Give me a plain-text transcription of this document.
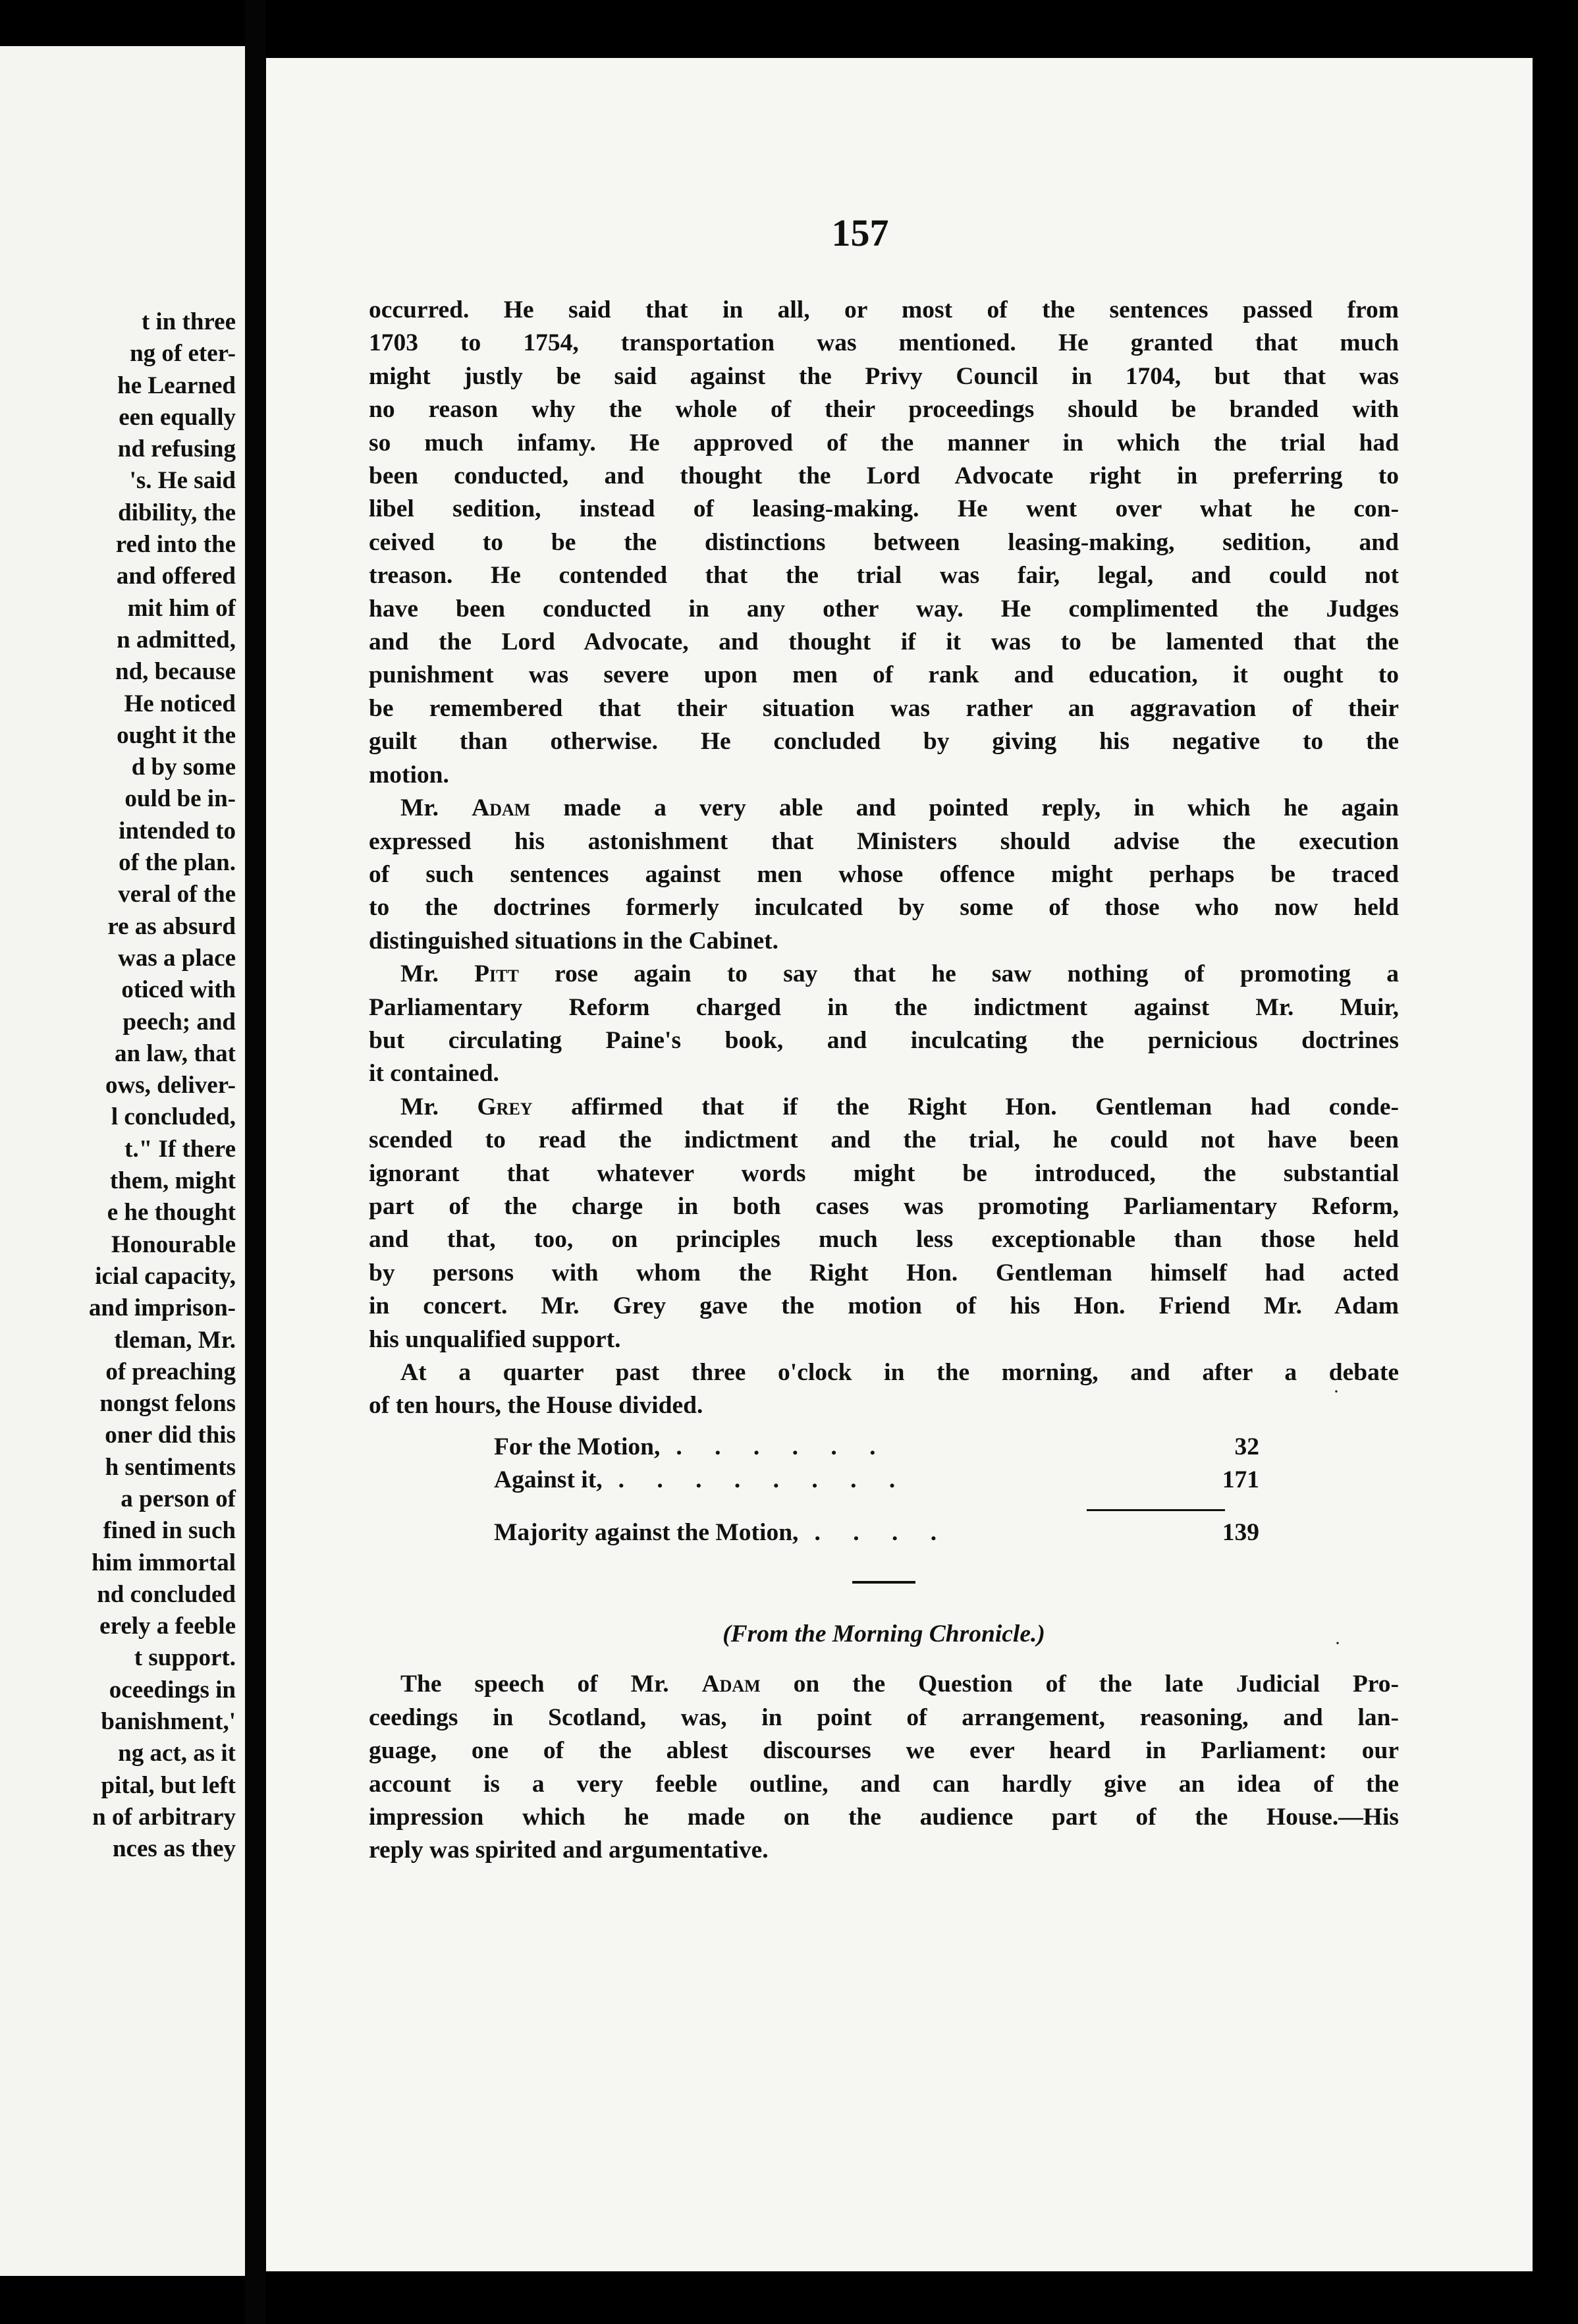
t in three
ng of eter-
he Learned
een equally
nd refusing
's. He said
dibility, the
red into the
and offered
mit him of
n admitted,
nd, because
He noticed
ought it the
d by some
ould be in-
intended to
of the plan.
veral of the
re as absurd
was a place
oticed with
peech; and
an law, that
ows, deliver-
l concluded,
t." If there
them, might
e he thought
Honourable
icial capacity,
and imprison-
tleman, Mr.
of preaching
nongst felons
oner did this
h sentiments
a person of
fined in such
him immortal
nd concluded
erely a feeble
t support.
oceedings in
banishment,'
ng act, as it
pital, but left
n of arbitrary
nces as they
157
occurred. He said that in all, or most of the sentences passed from
1703 to 1754, transportation was mentioned. He granted that much
might justly be said against the Privy Council in 1704, but that was
no reason why the whole of their proceedings should be branded with
so much infamy. He approved of the manner in which the trial had
been conducted, and thought the Lord Advocate right in preferring to
libel sedition, instead of leasing-making. He went over what he con-
ceived to be the distinctions between leasing-making, sedition, and
treason. He contended that the trial was fair, legal, and could not
have been conducted in any other way. He complimented the Judges
and the Lord Advocate, and thought if it was to be lamented that the
punishment was severe upon men of rank and education, it ought to
be remembered that their situation was rather an aggravation of their
guilt than otherwise. He concluded by giving his negative to the
motion.
Mr. Adam made a very able and pointed reply, in which he again
expressed his astonishment that Ministers should advise the execution
of such sentences against men whose offence might perhaps be traced
to the doctrines formerly inculcated by some of those who now held
distinguished situations in the Cabinet.
Mr. Pitt rose again to say that he saw nothing of promoting a
Parliamentary Reform charged in the indictment against Mr. Muir,
but circulating Paine's book, and inculcating the pernicious doctrines
it contained.
Mr. Grey affirmed that if the Right Hon. Gentleman had conde-
scended to read the indictment and the trial, he could not have been
ignorant that whatever words might be introduced, the substantial
part of the charge in both cases was promoting Parliamentary Reform,
and that, too, on principles much less exceptionable than those held
by persons with whom the Right Hon. Gentleman himself had acted
in concert. Mr. Grey gave the motion of his Hon. Friend Mr. Adam
his unqualified support.
At a quarter past three o'clock in the morning, and after a debate
of ten hours, the House divided.
For the Motion, . . . . . .	32
Against it, . . . . . . . .	171
Majority against the Motion, . . . .	139
(From the Morning Chronicle.)
The speech of Mr. Adam on the Question of the late Judicial Pro-
ceedings in Scotland, was, in point of arrangement, reasoning, and lan-
guage, one of the ablest discourses we ever heard in Parliament: our
account is a very feeble outline, and can hardly give an idea of the
impression which he made on the audience part of the House.—His
reply was spirited and argumentative.
·
·
